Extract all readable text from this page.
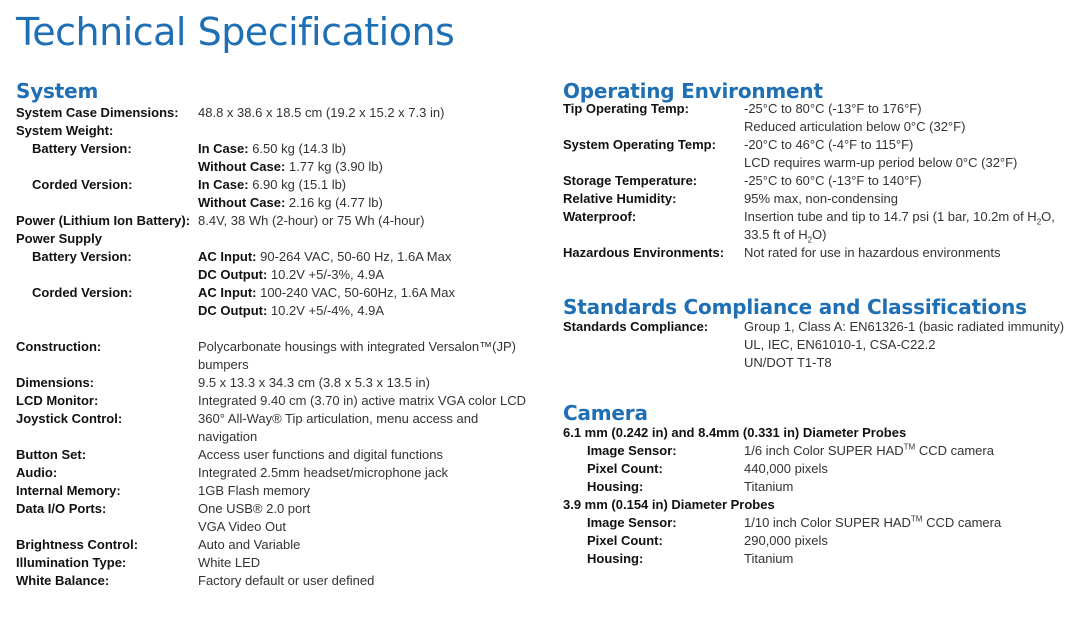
Technical Specifications
System
System Case Dimensions:	48.8 x 38.6 x 18.5 cm (19.2 x 15.2 x 7.3 in)
System Weight:
Battery Version:	In Case: 6.50 kg (14.3 lb)
Without Case: 1.77 kg (3.90 lb)
Corded Version:	In Case: 6.90 kg (15.1 lb)
Without Case: 2.16 kg (4.77 lb)
Power (Lithium Ion Battery): 8.4V, 38 Wh (2-hour) or 75 Wh (4-hour)
Power Supply
Battery Version:	AC Input: 90-264 VAC, 50-60 Hz, 1.6A Max
DC Output: 10.2V +5/-3%, 4.9A
Corded Version:	AC Input: 100-240 VAC, 50-60Hz, 1.6A Max
DC Output: 10.2V +5/-4%, 4.9A
Construction:	Polycarbonate housings with integrated Versalon™(JP)
bumpers
Dimensions:	9.5 x 13.3 x 34.3 cm (3.8 x 5.3 x 13.5 in)
LCD Monitor:	Integrated 9.40 cm (3.70 in) active matrix VGA color LCD
Joystick Control:	360° All-Way® Tip articulation, menu access and
navigation
Button Set:	Access user functions and digital functions
Audio:	Integrated 2.5mm headset/microphone jack
Internal Memory:	1GB Flash memory
Data I/O Ports:	One USB® 2.0 port
VGA Video Out
Brightness Control:	Auto and Variable
Illumination Type:	White LED
White Balance:	Factory default or user defined
Operating Environment
Tip Operating Temp:	-25°C to 80°C (-13°F to 176°F)
Reduced articulation below 0°C (32°F)
System Operating Temp:	-20°C to 46°C (-4°F to 115°F)
LCD requires warm-up period below 0°C (32°F)
Storage Temperature:	-25°C to 60°C (-13°F to 140°F)
Relative Humidity:	95% max, non-condensing
Waterproof:	Insertion tube and tip to 14.7 psi (1 bar, 10.2m of $H_2O$,
33.5 ft of $H_2O$)
Hazardous Environments:	Not rated for use in hazardous environments
Standards Compliance and Classifications
Standards Compliance:	Group 1, Class A: EN61326-1 (basic radiated immunity)
UL, IEC, EN61010-1, CSA-C22.2
UN/DOT T1-T8
Camera
6.1 mm (0.242 in) and 8.4mm (0.331 in) Diameter Probes
Image Sensor:	1/6 inch Color SUPER HAD™ CCD camera
Pixel Count:	440,000 pixels
Housing:	Titanium
3.9 mm (0.154 in) Diameter Probes
Image Sensor:	1/10 inch Color SUPER HAD™ CCD camera
Pixel Count:	290,000 pixels
Housing:	Titanium
